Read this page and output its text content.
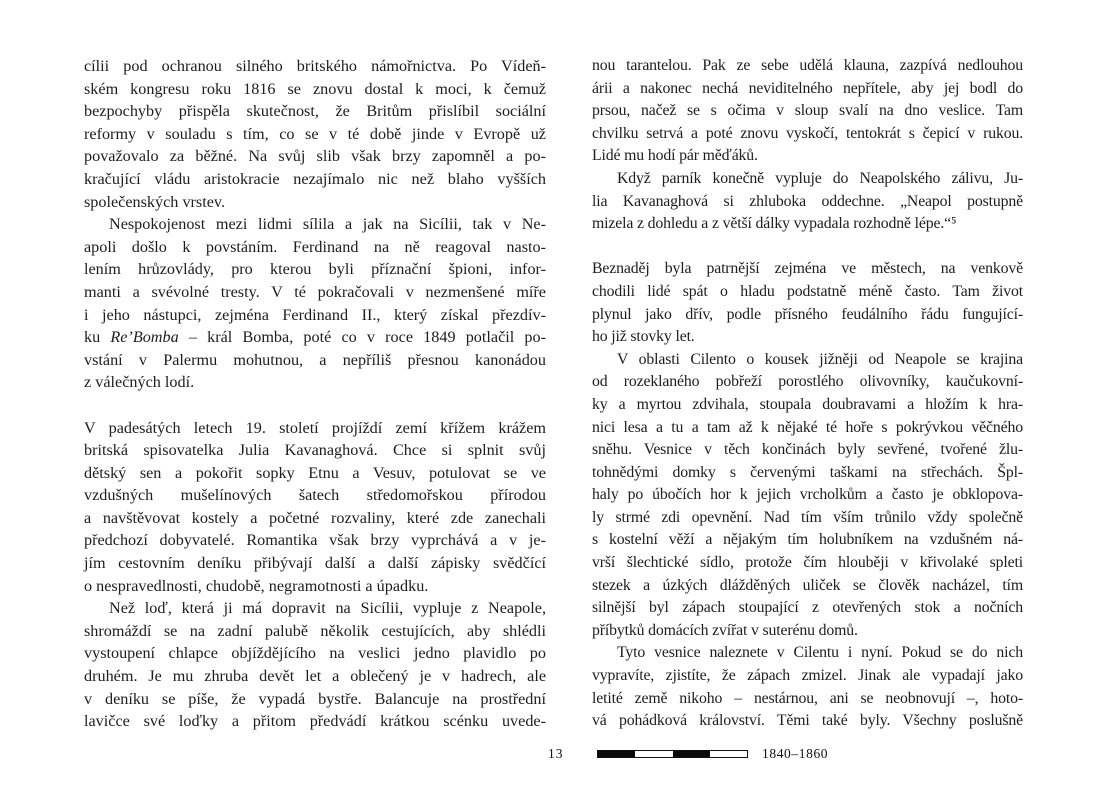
cílii pod ochranou silného britského námořnictva. Po Vídeň-
ském kongresu roku 1816 se znovu dostal k moci, k čemuž
bezpochyby přispěla skutečnost, že Britům přislíbil sociální
reformy v souladu s tím, co se v té době jinde v Evropě už
považovalo za běžné. Na svůj slib však brzy zapomněl a po-
kračující vládu aristokracie nezajímalo nic než blaho vyšších
společenských vrstev.
Nespokojenost mezi lidmi sílila a jak na Sicílii, tak v Ne-
apoli došlo k povstáním. Ferdinand na ně reagoval nasto-
lením hrůzovlády, pro kterou byli příznační špioni, infor-
manti a svévolné tresty. V té pokračovali v nezmenšené míře
i jeho nástupci, zejména Ferdinand II., který získal přezdív-
ku Re’Bomba – král Bomba, poté co v roce 1849 potlačil po-
vstání v Palermu mohutnou, a nepříliš přesnou kanonádou
z válečných lodí.
V padesátých letech 19. století projíždí zemí křížem krážem
britská spisovatelka Julia Kavanaghová. Chce si splnit svůj
dětský sen a pokořit sopky Etnu a Vesuv, potulovat se ve
vzdušných mušelínových šatech středomořskou přírodou
a navštěvovat kostely a početné rozvaliny, které zde zanechali
předchozí dobyvatelé. Romantika však brzy vyprchává a v je-
jím cestovním deníku přibývají další a další zápisky svědčící
o nespravedlnosti, chudobě, negramotnosti a úpadku.
Než loď, která ji má dopravit na Sicílii, vypluje z Neapole,
shromáždí se na zadní palubě několik cestujících, aby shlédli
vystoupení chlapce objíždějícího na veslici jedno plavidlo po
druhém. Je mu zhruba devět let a oblečený je v hadrech, ale
v deníku se píše, že vypadá bystře. Balancuje na prostřední
lavičce své loďky a přitom předvádí krátkou scénku uvede-
nou tarantelou. Pak ze sebe udělá klauna, zazpívá nedlouhou
árii a nakonec nechá neviditelného nepřítele, aby jej bodl do
prsou, načež se s očima v sloup svalí na dno veslice. Tam
chvilku setrvá a poté znovu vyskočí, tentokrát s čepicí v rukou.
Lidé mu hodí pár měďáků.
Když parník konečně vypluje do Neapolského zálivu, Ju-
lia Kavanaghová si zhluboka oddechne. „Neapol postupně
mizela z dohledu a z větší dálky vypadala rozhodně lépe.“⁵
Beznaděj byla patrnější zejména ve městech, na venkově
chodili lidé spát o hladu podstatně méně často. Tam život
plynul jako dřív, podle přísného feudálního řádu fungující-
ho již stovky let.
V oblasti Cilento o kousek jižněji od Neapole se krajina
od rozeklaného pobřeží porostlého olivovníky, kaučukovní-
ky a myrtou zdvihala, stoupala doubravami a hložím k hra-
nici lesa a tu a tam až k nějaké té hoře s pokrývkou věčného
sněhu. Vesnice v těch končinách byly sevřené, tvořené žlu-
tohnědými domky s červenými taškami na střechách. Špl-
haly po úbočích hor k jejich vrcholkům a často je obklopova-
ly strmé zdi opevnění. Nad tím vším trůnilo vždy společně
s kostelní věží a nějakým tím holubníkem na vzdušném ná-
vrší šlechtické sídlo, protože čím hlouběji v křivolaké spleti
stezek a úzkých dlážděných uliček se člověk nacházel, tím
silnější byl zápach stoupající z otevřených stok a nočních
příbytků domácích zvířat v suterénu domů.
Tyto vesnice naleznete v Cilentu i nyní. Pokud se do nich
vypravíte, zjistíte, že zápach zmizel. Jinak ale vypadají jako
letité země nikoho – nestárnou, ani se neobnovují –, hoto-
vá pohádková království. Těmi také byly. Všechny poslušně
13	1840–1860
